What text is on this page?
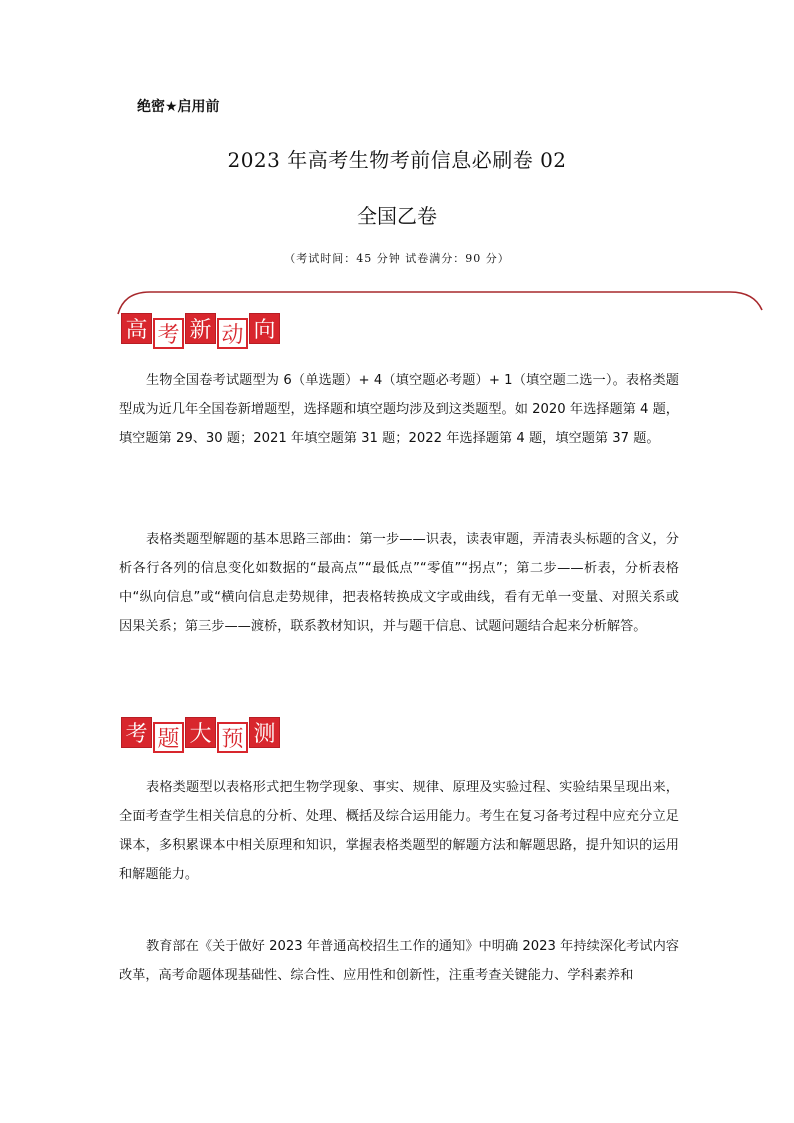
绝密★启用前
2023 年高考生物考前信息必刷卷 02
全国乙卷
（考试时间：45 分钟 试卷满分：90 分）
高 考 新 动 向

生物全国卷考试题型为 6（单选题）+ 4（填空题必考题）+ 1（填空题二选一）。表格类题型成为近几年全国卷新增题型，选择题和填空题均涉及到这类题型。如 2020 年选择题第 4 题，填空题第 29、30 题；2021 年填空题第 31 题；2022 年选择题第 4 题，填空题第 37 题。

表格类题型解题的基本思路三部曲：第一步——识表，读表审题，弄清表头标题的含义，分析各行各列的信息变化如数据的“最高点”“最低点”“零值”“拐点”；第二步——析表，分析表格中“纵向信息”或“横向信息走势规律，把表格转换成文字或曲线，看有无单一变量、对照关系或因果关系；第三步——渡桥，联系教材知识，并与题干信息、试题问题结合起来分析解答。

考 题 大 预 测

表格类题型以表格形式把生物学现象、事实、规律、原理及实验过程、实验结果呈现出来，全面考查学生相关信息的分析、处理、概括及综合运用能力。考生在复习备考过程中应充分立足课本，多积累课本中相关原理和知识，掌握表格类题型的解题方法和解题思路，提升知识的运用和解题能力。

教育部在《关于做好 2023 年普通高校招生工作的通知》中明确 2023 年持续深化考试内容改革，高考命题体现基础性、综合性、应用性和创新性，注重考查关键能力、学科素养和
